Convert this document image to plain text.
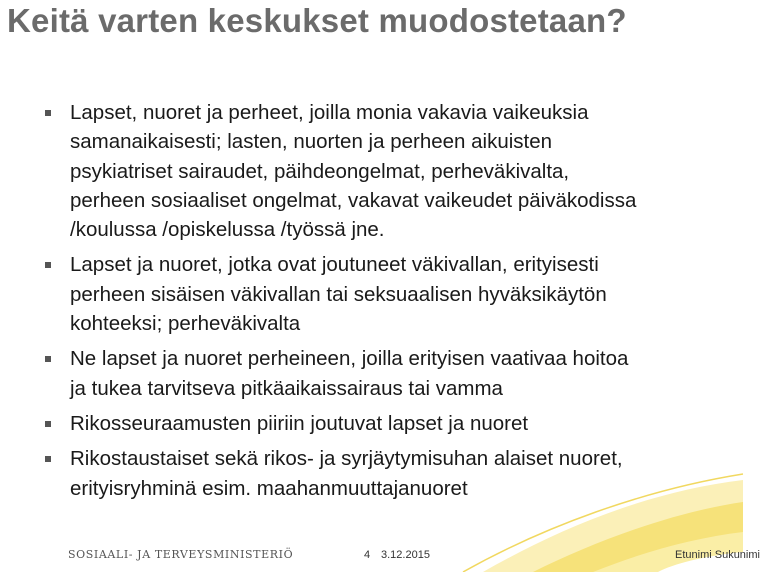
Keitä varten keskukset muodostetaan?
Lapset, nuoret ja perheet, joilla monia vakavia vaikeuksia
samanaikaisesti; lasten, nuorten ja perheen aikuisten
psykiatriset sairaudet, päihdeongelmat, perheväkivalta,
perheen sosiaaliset ongelmat, vakavat vaikeudet päiväkodissa
/koulussa /opiskelussa /työssä jne.
Lapset ja nuoret, jotka ovat joutuneet väkivallan, erityisesti
perheen sisäisen väkivallan tai seksuaalisen hyväksikäytön
kohteeksi; perheväkivalta
Ne lapset ja nuoret perheineen, joilla erityisen vaativaa hoitoa
ja tukea tarvitseva pitkäaikaissairaus tai vamma
Rikosseuraamusten piiriin joutuvat lapset ja nuoret
Rikostaustaiset sekä rikos- ja syrjäytymisuhan alaiset nuoret,
erityisryhminä esim. maahanmuuttajanuoret
SOSIAALI- JA TERVEYSMINISTERIÖ	4 3.12.2015	Etunimi Sukunimi
